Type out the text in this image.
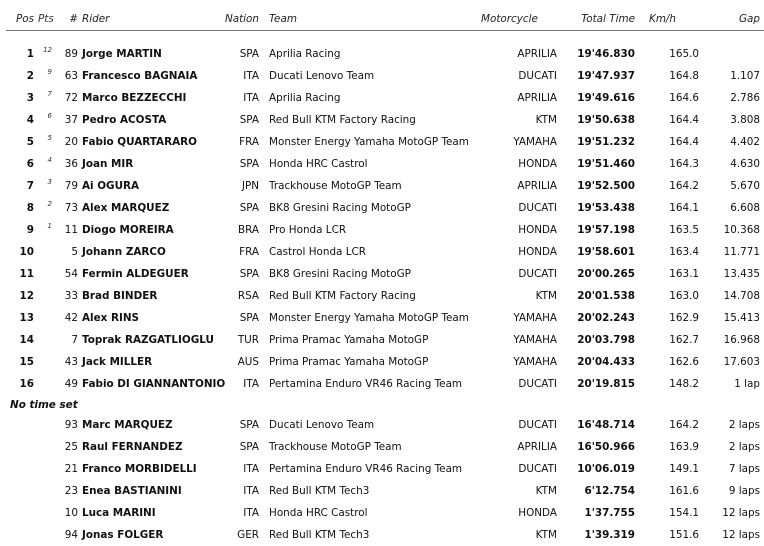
Pos	Pts	#	Rider	Nation	Team	Motorcycle	Total Time	Km/h	Gap

1	12	89	Jorge MARTIN	SPA	Aprilia Racing	APRILIA	19'46.830	165.0	
2	9	63	Francesco BAGNAIA	ITA	Ducati Lenovo Team	DUCATI	19'47.937	164.8	1.107
3	7	72	Marco BEZZECCHI	ITA	Aprilia Racing	APRILIA	19'49.616	164.6	2.786
4	6	37	Pedro ACOSTA	SPA	Red Bull KTM Factory Racing	KTM	19'50.638	164.4	3.808
5	5	20	Fabio QUARTARARO	FRA	Monster Energy Yamaha MotoGP Team	YAMAHA	19'51.232	164.4	4.402
6	4	36	Joan MIR	SPA	Honda HRC Castrol	HONDA	19'51.460	164.3	4.630
7	3	79	Ai OGURA	JPN	Trackhouse MotoGP Team	APRILIA	19'52.500	164.2	5.670
8	2	73	Alex MARQUEZ	SPA	BK8 Gresini Racing MotoGP	DUCATI	19'53.438	164.1	6.608
9	1	11	Diogo MOREIRA	BRA	Pro Honda LCR	HONDA	19'57.198	163.5	10.368
10		5	Johann ZARCO	FRA	Castrol Honda LCR	HONDA	19'58.601	163.4	11.771
11		54	Fermin ALDEGUER	SPA	BK8 Gresini Racing MotoGP	DUCATI	20'00.265	163.1	13.435
12		33	Brad BINDER	RSA	Red Bull KTM Factory Racing	KTM	20'01.538	163.0	14.708
13		42	Alex RINS	SPA	Monster Energy Yamaha MotoGP Team	YAMAHA	20'02.243	162.9	15.413
14		7	Toprak RAZGATLIOGLU	TUR	Prima Pramac Yamaha MotoGP	YAMAHA	20'03.798	162.7	16.968
15		43	Jack MILLER	AUS	Prima Pramac Yamaha MotoGP	YAMAHA	20'04.433	162.6	17.603
16		49	Fabio DI GIANNANTONIO	ITA	Pertamina Enduro VR46 Racing Team	DUCATI	20'19.815	148.2	1 lap
No time set									
		93	Marc MARQUEZ	SPA	Ducati Lenovo Team	DUCATI	16'48.714	164.2	2 laps
		25	Raul FERNANDEZ	SPA	Trackhouse MotoGP Team	APRILIA	16'50.966	163.9	2 laps
		21	Franco MORBIDELLI	ITA	Pertamina Enduro VR46 Racing Team	DUCATI	10'06.019	149.1	7 laps
		23	Enea BASTIANINI	ITA	Red Bull KTM Tech3	KTM	6'12.754	161.6	9 laps
		10	Luca MARINI	ITA	Honda HRC Castrol	HONDA	1'37.755	154.1	12 laps
		94	Jonas FOLGER	GER	Red Bull KTM Tech3	KTM	1'39.319	151.6	12 laps
